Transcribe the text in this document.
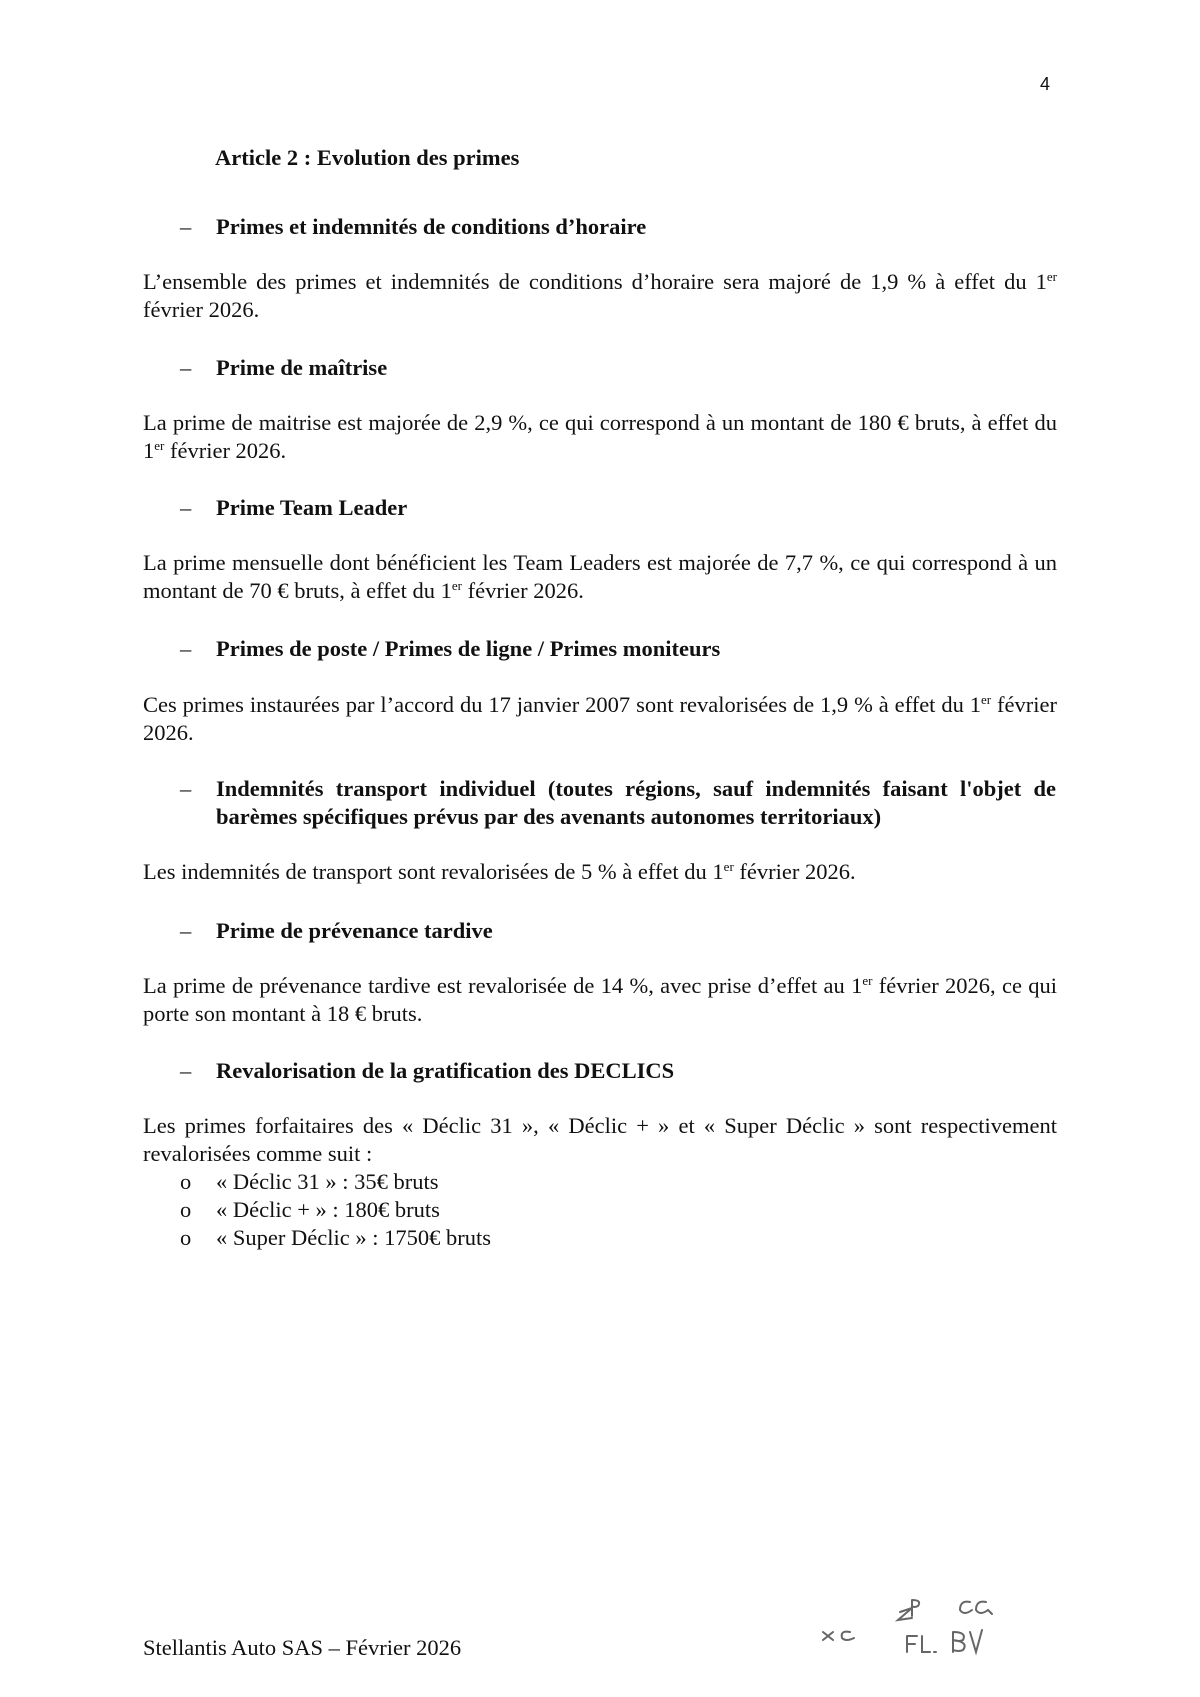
4
Article 2 : Evolution des primes
– Primes et indemnités de conditions d’horaire
L’ensemble des primes et indemnités de conditions d’horaire sera majoré de 1,9 % à effet du 1er février 2026.
– Prime de maîtrise
La prime de maitrise est majorée de 2,9 %, ce qui correspond à un montant de 180 € bruts, à effet du 1er février 2026.
– Prime Team Leader
La prime mensuelle dont bénéficient les Team Leaders est majorée de 7,7 %, ce qui correspond à un montant de 70 € bruts, à effet du 1er février 2026.
– Primes de poste / Primes de ligne / Primes moniteurs
Ces primes instaurées par l’accord du 17 janvier 2007 sont revalorisées de 1,9 % à effet du 1er février 2026.
– Indemnités transport individuel (toutes régions, sauf indemnités faisant l'objet de barèmes spécifiques prévus par des avenants autonomes territoriaux)
Les indemnités de transport sont revalorisées de 5 % à effet du 1er février 2026.
– Prime de prévenance tardive
La prime de prévenance tardive est revalorisée de 14 %, avec prise d’effet au 1er février 2026, ce qui porte son montant à 18 € bruts.
– Revalorisation de la gratification des DECLICS
Les primes forfaitaires des « Déclic 31 », « Déclic + » et « Super Déclic » sont respectivement revalorisées comme suit :
o « Déclic 31 » : 35€ bruts
o « Déclic + » : 180€ bruts
o « Super Déclic » : 1750€ bruts
Stellantis Auto SAS – Février 2026
